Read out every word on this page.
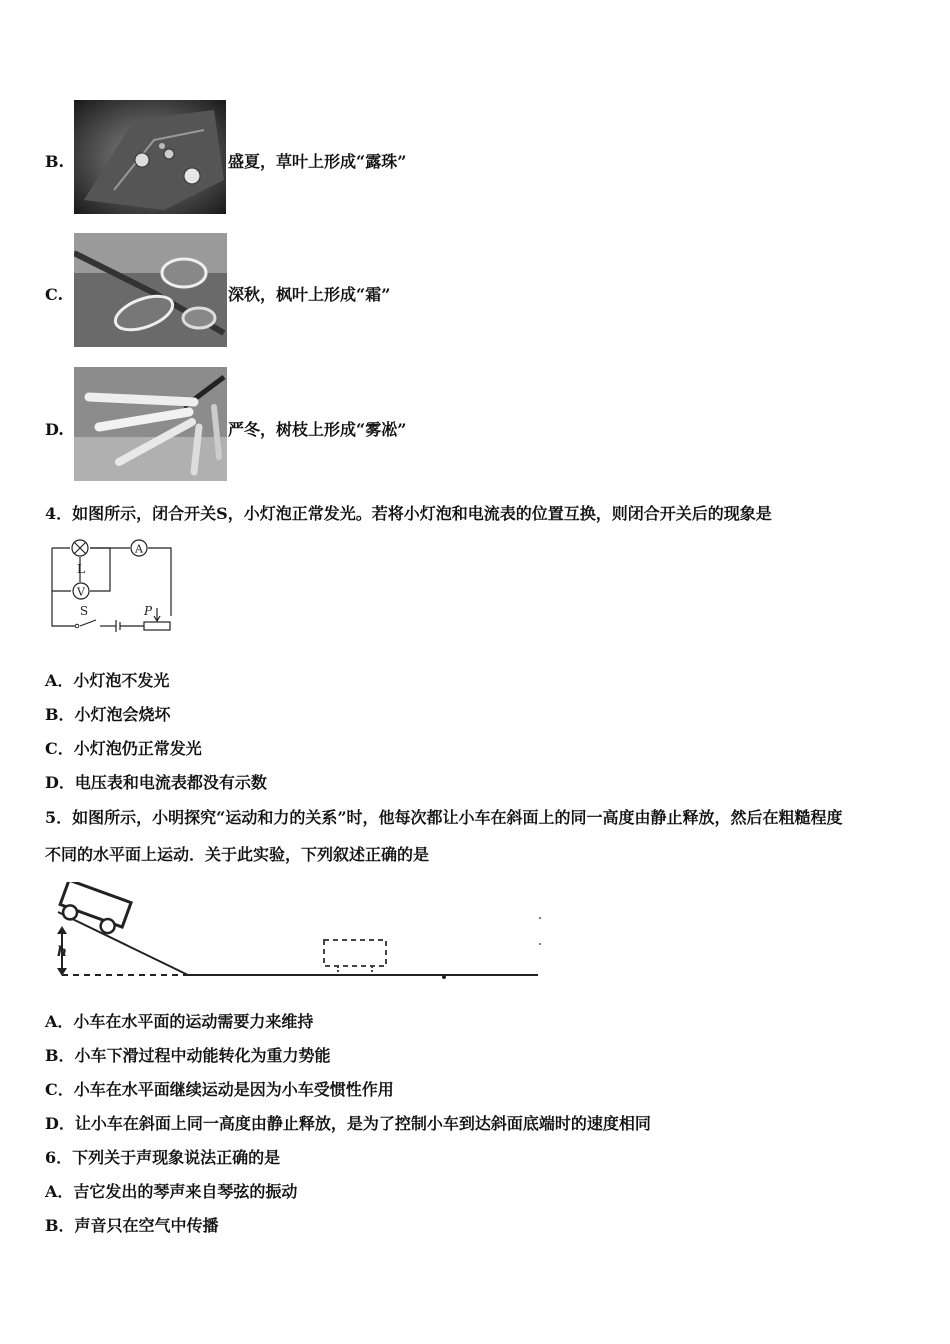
B.	盛夏，草叶上形成“露珠”
C.	深秋，枫叶上形成“霜”
D.	严冬，树枝上形成“雾凇”
4．如图所示，闭合开关S，小灯泡正常发光。若将小灯泡和电流表的位置互换，则闭合开关后的现象是
A
V
L
S	P
A．小灯泡不发光
B．小灯泡会烧坏
C．小灯泡仍正常发光
D．电压表和电流表都没有示数
5．如图所示，小明探究“运动和力的关系”时，他每次都让小车在斜面上的同一高度由静止释放，然后在粗糙程度
不同的水平面上运动．关于此实验，下列叙述正确的是
h
A．小车在水平面的运动需要力来维持
B．小车下滑过程中动能转化为重力势能
C．小车在水平面继续运动是因为小车受惯性作用
D．让小车在斜面上同一高度由静止释放，是为了控制小车到达斜面底端时的速度相同
6．下列关于声现象说法正确的是
A．吉它发出的琴声来自琴弦的振动
B．声音只在空气中传播
